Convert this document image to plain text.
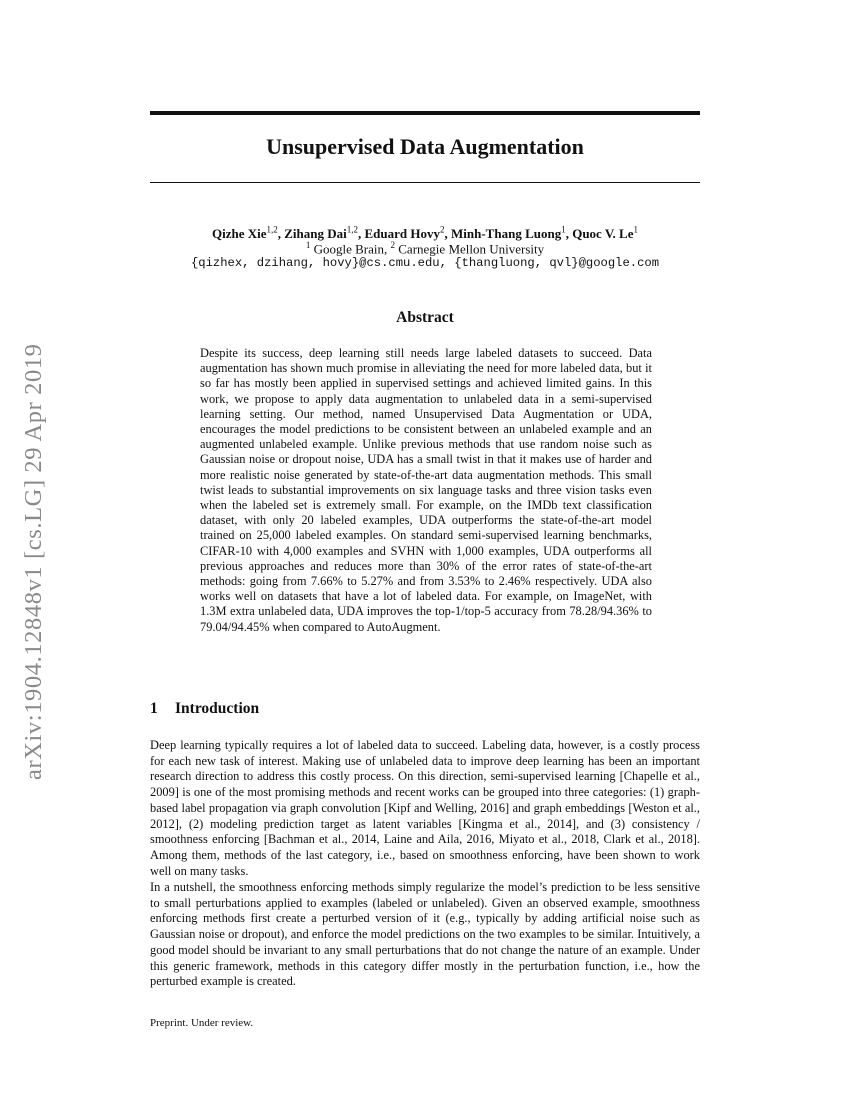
arXiv:1904.12848v1 [cs.LG] 29 Apr 2019
Unsupervised Data Augmentation
Qizhe Xie$^{1,2}$, Zihang Dai$^{1,2}$, Eduard Hovy$^2$, Minh-Thang Luong$^1$, Quoc V. Le$^1$
$^1$ Google Brain, $^2$ Carnegie Mellon University
{qizhex, dzihang, hovy}@cs.cmu.edu, {thangluong, qvl}@google.com
Abstract

Despite its success, deep learning still needs large labeled datasets to succeed. Data augmentation has shown much promise in alleviating the need for more labeled data, but it so far has mostly been applied in supervised settings and achieved limited gains. In this work, we propose to apply data augmentation to unlabeled data in a semi-supervised learning setting. Our method, named Unsupervised Data Augmentation or UDA, encourages the model predictions to be consistent between an unlabeled example and an augmented unlabeled example. Unlike previous methods that use random noise such as Gaussian noise or dropout noise, UDA has a small twist in that it makes use of harder and more realistic noise generated by state-of-the-art data augmentation methods. This small twist leads to substantial improvements on six language tasks and three vision tasks even when the labeled set is extremely small. For example, on the IMDb text classification dataset, with only 20 labeled examples, UDA outperforms the state-of-the-art model trained on 25,000 labeled examples. On standard semi-supervised learning benchmarks, CIFAR-10 with 4,000 examples and SVHN with 1,000 examples, UDA outperforms all previous approaches and reduces more than 30% of the error rates of state-of-the-art methods: going from 7.66% to 5.27% and from 3.53% to 2.46% respectively. UDA also works well on datasets that have a lot of labeled data. For example, on ImageNet, with 1.3M extra unlabeled data, UDA improves the top-1/top-5 accuracy from 78.28/94.36% to 79.04/94.45% when compared to AutoAugment.

1 Introduction

Deep learning typically requires a lot of labeled data to succeed. Labeling data, however, is a costly process for each new task of interest. Making use of unlabeled data to improve deep learning has been an important research direction to address this costly process. On this direction, semi-supervised learning [Chapelle et al., 2009] is one of the most promising methods and recent works can be grouped into three categories: (1) graph-based label propagation via graph convolution [Kipf and Welling, 2016] and graph embeddings [Weston et al., 2012], (2) modeling prediction target as latent variables [Kingma et al., 2014], and (3) consistency / smoothness enforcing [Bachman et al., 2014, Laine and Aila, 2016, Miyato et al., 2018, Clark et al., 2018]. Among them, methods of the last category, i.e., based on smoothness enforcing, have been shown to work well on many tasks.

In a nutshell, the smoothness enforcing methods simply regularize the model’s prediction to be less sensitive to small perturbations applied to examples (labeled or unlabeled). Given an observed example, smoothness enforcing methods first create a perturbed version of it (e.g., typically by adding artificial noise such as Gaussian noise or dropout), and enforce the model predictions on the two examples to be similar. Intuitively, a good model should be invariant to any small perturbations that do not change the nature of an example. Under this generic framework, methods in this category differ mostly in the perturbation function, i.e., how the perturbed example is created.

Preprint. Under review.
